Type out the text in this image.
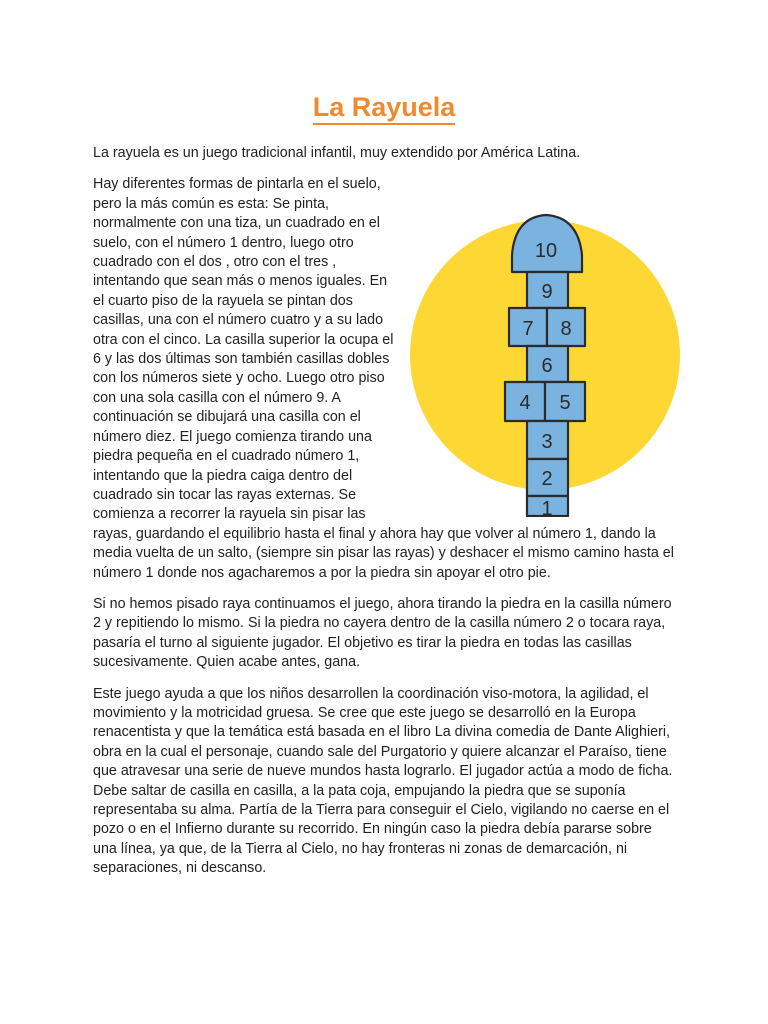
La Rayuela

La rayuela es un juego tradicional infantil, muy extendido por América Latina.

10
9
7 8
6
4 5
3
2
1
Hay diferentes formas de pintarla en el suelo, pero la más común es esta: Se pinta, normalmente con una tiza, un cuadrado en el suelo, con el número 1 dentro, luego otro cuadrado con el dos , otro con el tres , intentando que sean más o menos iguales. En el cuarto piso de la rayuela se pintan dos casillas, una con el número cuatro y a su lado otra con el cinco. La casilla superior la ocupa el 6 y las dos últimas son también casillas dobles con los números siete y ocho. Luego otro piso con una sola casilla con el número 9. A continuación se dibujará una casilla con el número diez. El juego comienza tirando una piedra pequeña en el cuadrado número 1, intentando que la piedra caiga dentro del cuadrado sin tocar las rayas externas. Se comienza a recorrer la rayuela sin pisar las rayas, guardando el equilibrio hasta el final y ahora hay que volver al número 1, dando la media vuelta de un salto, (siempre sin pisar las rayas) y deshacer el mismo camino hasta el número 1 donde nos agacharemos a por la piedra sin apoyar el otro pie.

Si no hemos pisado raya continuamos el juego, ahora tirando la piedra en la casilla número 2 y repitiendo lo mismo. Si la piedra no cayera dentro de la casilla número 2 o tocara raya, pasaría el turno al siguiente jugador. El objetivo es tirar la piedra en todas las casillas sucesivamente. Quien acabe antes, gana.

Este juego ayuda a que los niños desarrollen la coordinación viso-motora, la agilidad, el movimiento y la motricidad gruesa. Se cree que este juego se desarrolló en la Europa renacentista y que la temática está basada en el libro La divina comedia de Dante Alighieri, obra en la cual el personaje, cuando sale del Purgatorio y quiere alcanzar el Paraíso, tiene que atravesar una serie de nueve mundos hasta lograrlo. El jugador actúa a modo de ficha. Debe saltar de casilla en casilla, a la pata coja, empujando la piedra que se suponía representaba su alma. Partía de la Tierra para conseguir el Cielo, vigilando no caerse en el pozo o en el Infierno durante su recorrido. En ningún caso la piedra debía pararse sobre una línea, ya que, de la Tierra al Cielo, no hay fronteras ni zonas de demarcación, ni separaciones, ni descanso.
